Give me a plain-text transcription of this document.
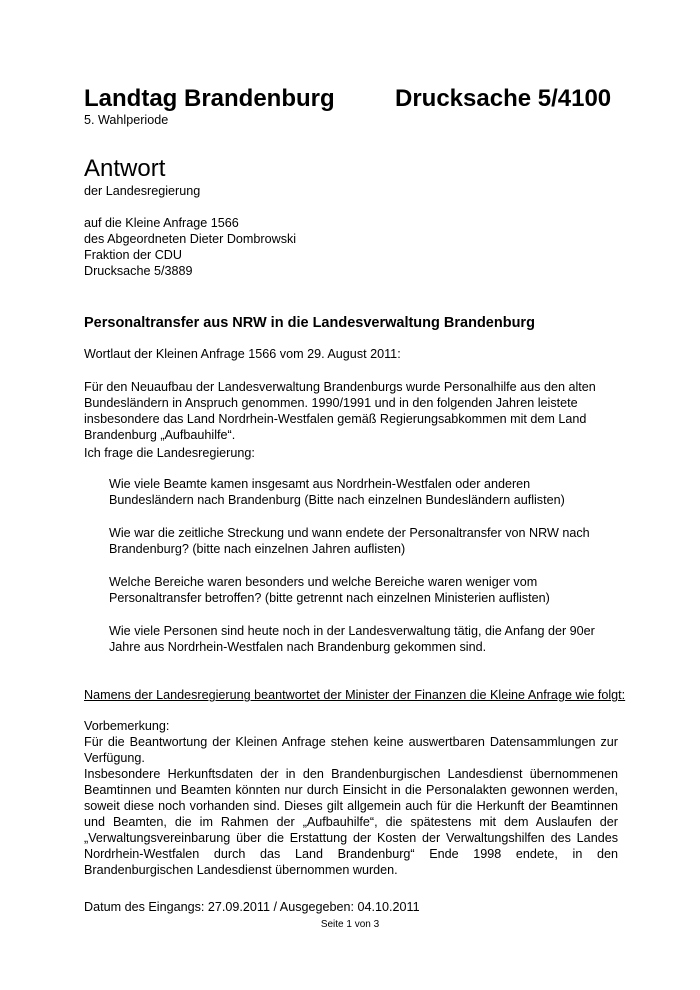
Landtag Brandenburg	Drucksache 5/4100
5. Wahlperiode
Antwort
der Landesregierung
auf die Kleine Anfrage 1566
des Abgeordneten Dieter Dombrowski
Fraktion der CDU
Drucksache 5/3889
Personaltransfer aus NRW in die Landesverwaltung Brandenburg
Wortlaut der Kleinen Anfrage 1566 vom 29. August 2011:
Für den Neuaufbau der Landesverwaltung Brandenburgs wurde Personalhilfe aus den alten Bundesländern in Anspruch genommen. 1990/1991 und in den folgenden Jahren leistete insbesondere das Land Nordrhein-Westfalen gemäß Regierungsabkommen mit dem Land Brandenburg „Aufbauhilfe“.
Ich frage die Landesregierung:
Wie viele Beamte kamen insgesamt aus Nordrhein-Westfalen oder anderen Bundesländern nach Brandenburg (Bitte nach einzelnen Bundesländern auflisten)
Wie war die zeitliche Streckung und wann endete der Personaltransfer von NRW nach Brandenburg? (bitte nach einzelnen Jahren auflisten)
Welche Bereiche waren besonders und welche Bereiche waren weniger vom Personaltransfer betroffen? (bitte getrennt nach einzelnen Ministerien auflisten)
Wie viele Personen sind heute noch in der Landesverwaltung tätig, die Anfang der 90er Jahre aus Nordrhein-Westfalen nach Brandenburg gekommen sind.
Namens der Landesregierung beantwortet der Minister der Finanzen die Kleine Anfrage wie folgt:
Vorbemerkung:

Für die Beantwortung der Kleinen Anfrage stehen keine auswertbaren Datensammlungen zur Verfügung.

Insbesondere Herkunftsdaten der in den Brandenburgischen Landesdienst übernommenen Beamtinnen und Beamten könnten nur durch Einsicht in die Personalakten gewonnen werden, soweit diese noch vorhanden sind. Dieses gilt allgemein auch für die Herkunft der Beamtinnen und Beamten, die im Rahmen der „Aufbauhilfe“, die spätestens mit dem Auslaufen der „Verwaltungsvereinbarung über die Erstattung der Kosten der Verwaltungshilfen des Landes Nordrhein-Westfalen durch das Land Brandenburg“ Ende 1998 endete, in den Brandenburgischen Landesdienst übernommen wurden.

Datum des Eingangs: 27.09.2011 / Ausgegeben: 04.10.2011
Seite 1 von 3
